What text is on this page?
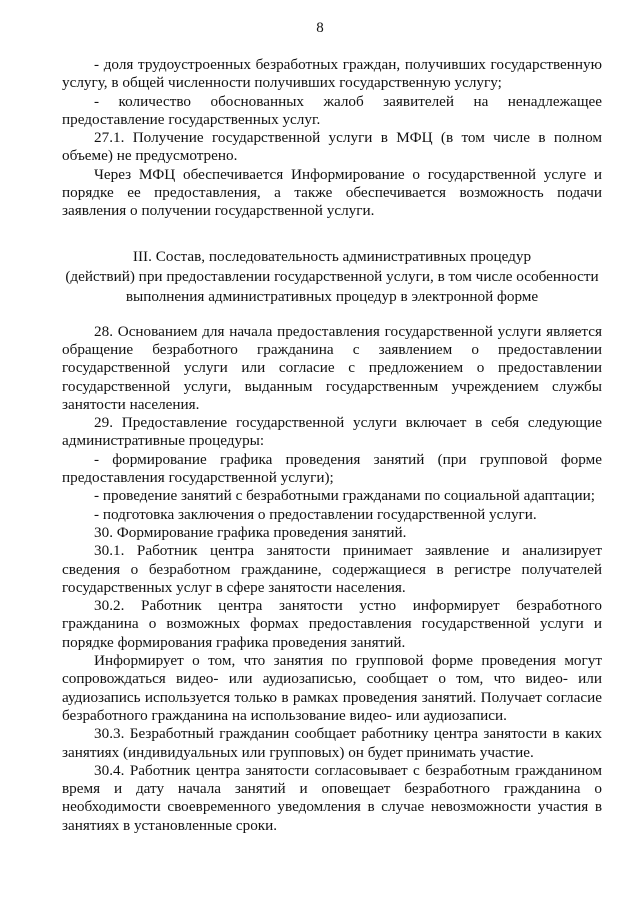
8

- доля трудоустроенных безработных граждан, получивших государственную услугу, в общей численности получивших государственную услугу;

- количество обоснованных жалоб заявителей на ненадлежащее предоставление государственных услуг.

27.1. Получение государственной услуги в МФЦ (в том числе в полном объеме) не предусмотрено.

Через МФЦ обеспечивается Информирование о государственной услуге и порядке ее предоставления, а также обеспечивается возможность подачи заявления о получении государственной услуги.

III. Состав, последовательность административных процедур

(действий) при предоставлении государственной услуги, в том числе особенности

выполнения административных процедур в электронной форме

28. Основанием для начала предоставления государственной услуги является обращение безработного гражданина с заявлением о предоставлении государственной услуги или согласие с предложением о предоставлении государственной услуги, выданным государственным учреждением службы занятости населения.

29. Предоставление государственной услуги включает в себя следующие административные процедуры:

- формирование графика проведения занятий (при групповой форме предоставления государственной услуги);

- проведение занятий с безработными гражданами по социальной адаптации;

- подготовка заключения о предоставлении государственной услуги.

30. Формирование графика проведения занятий.

30.1. Работник центра занятости принимает заявление и анализирует сведения о безработном гражданине, содержащиеся в регистре получателей государственных услуг в сфере занятости населения.

30.2. Работник центра занятости устно информирует безработного гражданина о возможных формах предоставления государственной услуги и порядке формирования графика проведения занятий.

Информирует о том, что занятия по групповой форме проведения могут сопровождаться видео- или аудиозаписью, сообщает о том, что видео- или аудиозапись используется только в рамках проведения занятий. Получает согласие безработного гражданина на использование видео- или аудиозаписи.

30.3. Безработный гражданин сообщает работнику центра занятости в каких занятиях (индивидуальных или групповых) он будет принимать участие.

30.4. Работник центра занятости согласовывает с безработным гражданином время и дату начала занятий и оповещает безработного гражданина о необходимости своевременного уведомления в случае невозможности участия в занятиях в установленные сроки.
